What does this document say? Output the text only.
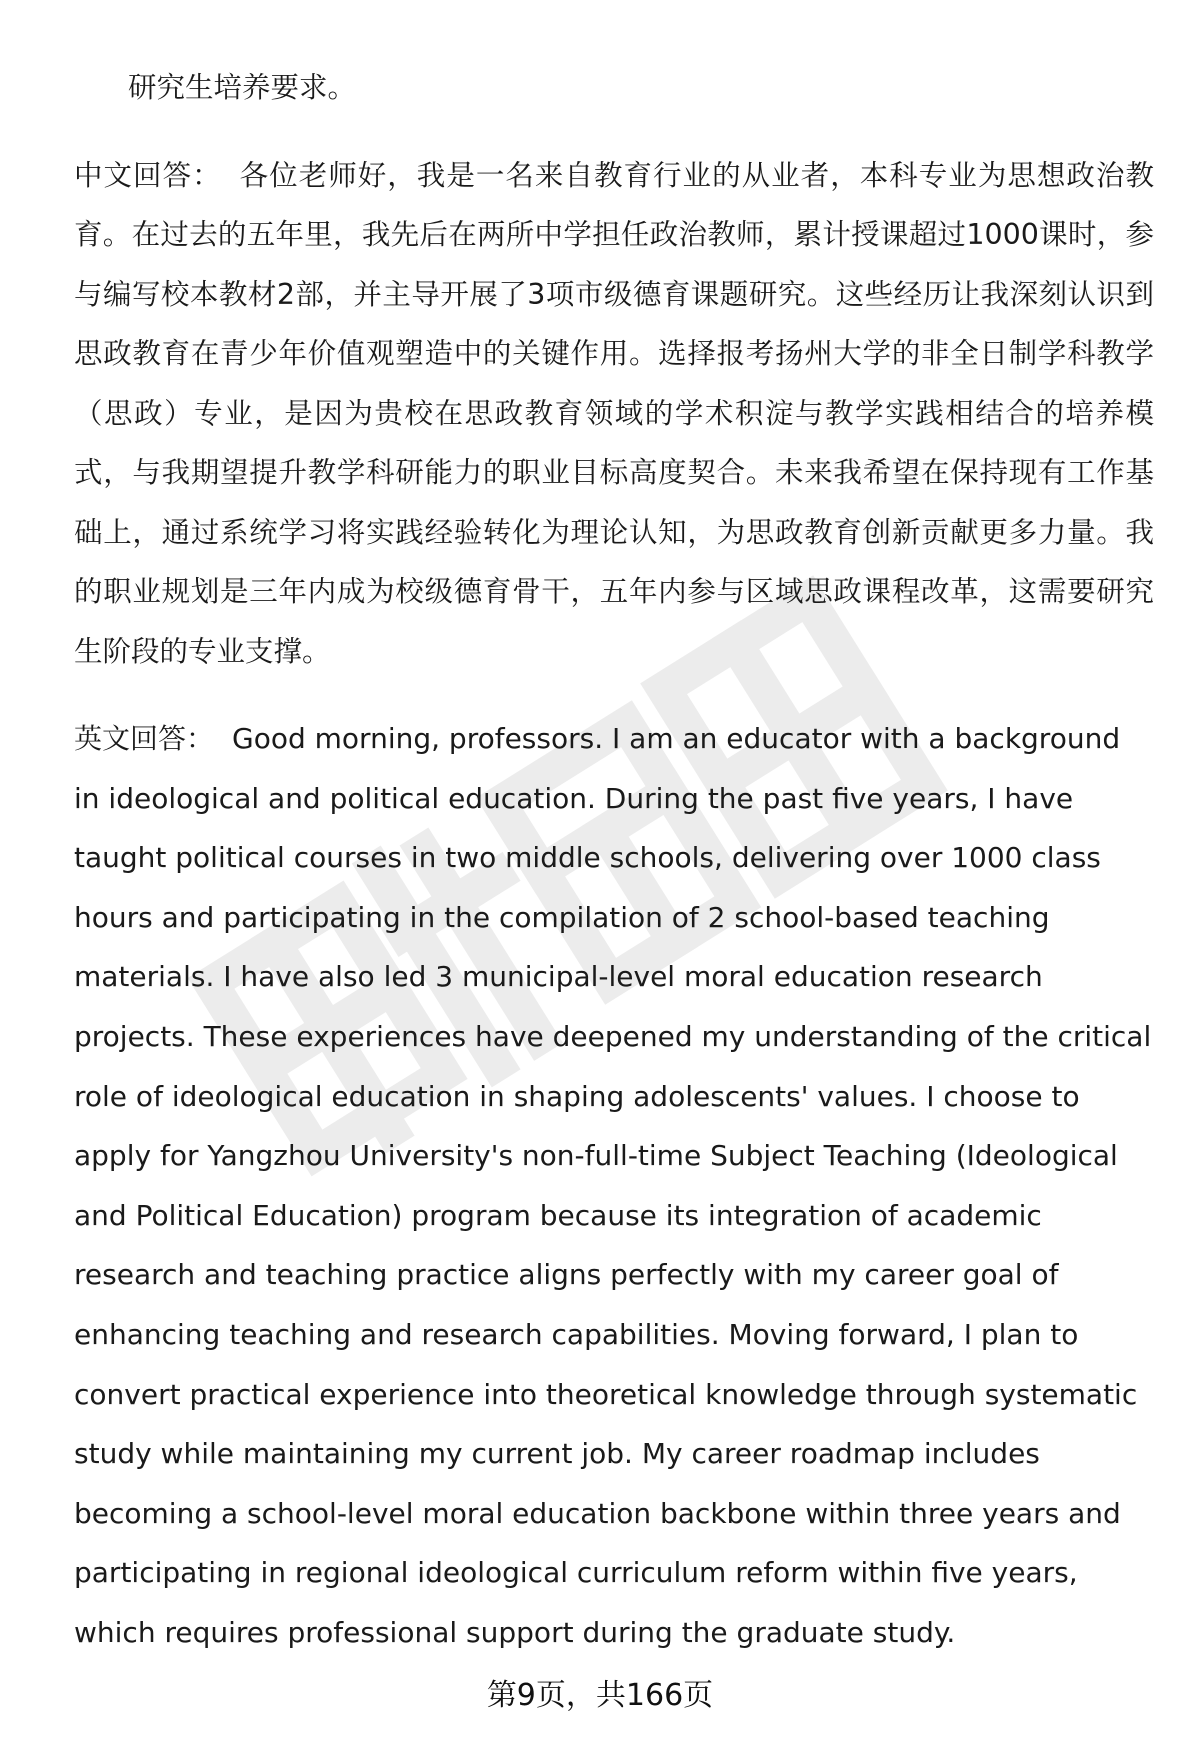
研究生培养要求。

中文回答： 各位老师好，我是一名来自教育行业的从业者，本科专业为思想政治教育。在过去的五年里，我先后在两所中学担任政治教师，累计授课超过1000课时，参与编写校本教材2部，并主导开展了3项市级德育课题研究。这些经历让我深刻认识到思政教育在青少年价值观塑造中的关键作用。选择报考扬州大学的非全日制学科教学（思政）专业，是因为贵校在思政教育领域的学术积淀与教学实践相结合的培养模式，与我期望提升教学科研能力的职业目标高度契合。未来我希望在保持现有工作基础上，通过系统学习将实践经验转化为理论认知，为思政教育创新贡献更多力量。我的职业规划是三年内成为校级德育骨干，五年内参与区域思政课程改革，这需要研究生阶段的专业支撑。

英文回答： Good morning, professors. I am an educator with a background in ideological and political education. During the past five years, I have taught political courses in two middle schools, delivering over 1000 class hours and participating in the compilation of 2 school-based teaching materials. I have also led 3 municipal-level moral education research projects. These experiences have deepened my understanding of the critical role of ideological education in shaping adolescents' values. I choose to apply for Yangzhou University's non-full-time Subject Teaching (Ideological and Political Education) program because its integration of academic research and teaching practice aligns perfectly with my career goal of enhancing teaching and research capabilities. Moving forward, I plan to convert practical experience into theoretical knowledge through systematic study while maintaining my current job. My career roadmap includes becoming a school-level moral education backbone within three years and participating in regional ideological curriculum reform within five years, which requires professional support during the graduate study.

第9页，共166页
